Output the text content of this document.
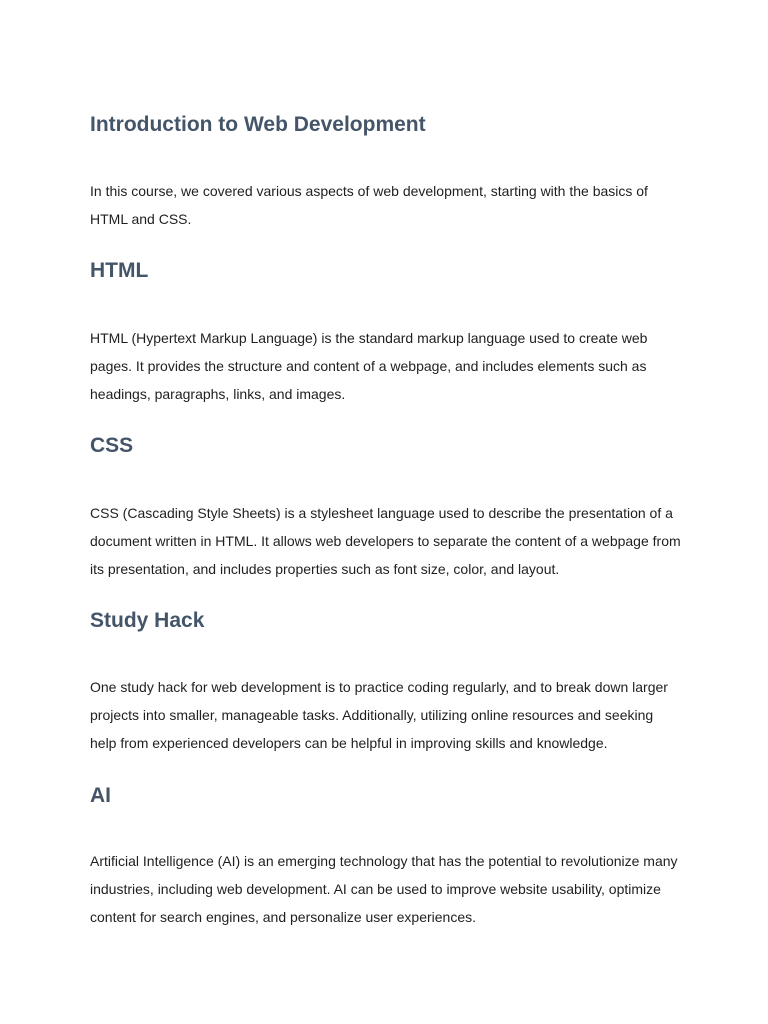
Introduction to Web Development

In this course, we covered various aspects of web development, starting with the basics of HTML and CSS.

HTML

HTML (Hypertext Markup Language) is the standard markup language used to create web pages. It provides the structure and content of a webpage, and includes elements such as headings, paragraphs, links, and images.

CSS

CSS (Cascading Style Sheets) is a stylesheet language used to describe the presentation of a document written in HTML. It allows web developers to separate the content of a webpage from its presentation, and includes properties such as font size, color, and layout.

Study Hack

One study hack for web development is to practice coding regularly, and to break down larger projects into smaller, manageable tasks. Additionally, utilizing online resources and seeking help from experienced developers can be helpful in improving skills and knowledge.

AI

Artificial Intelligence (AI) is an emerging technology that has the potential to revolutionize many industries, including web development. AI can be used to improve website usability, optimize content for search engines, and personalize user experiences.
